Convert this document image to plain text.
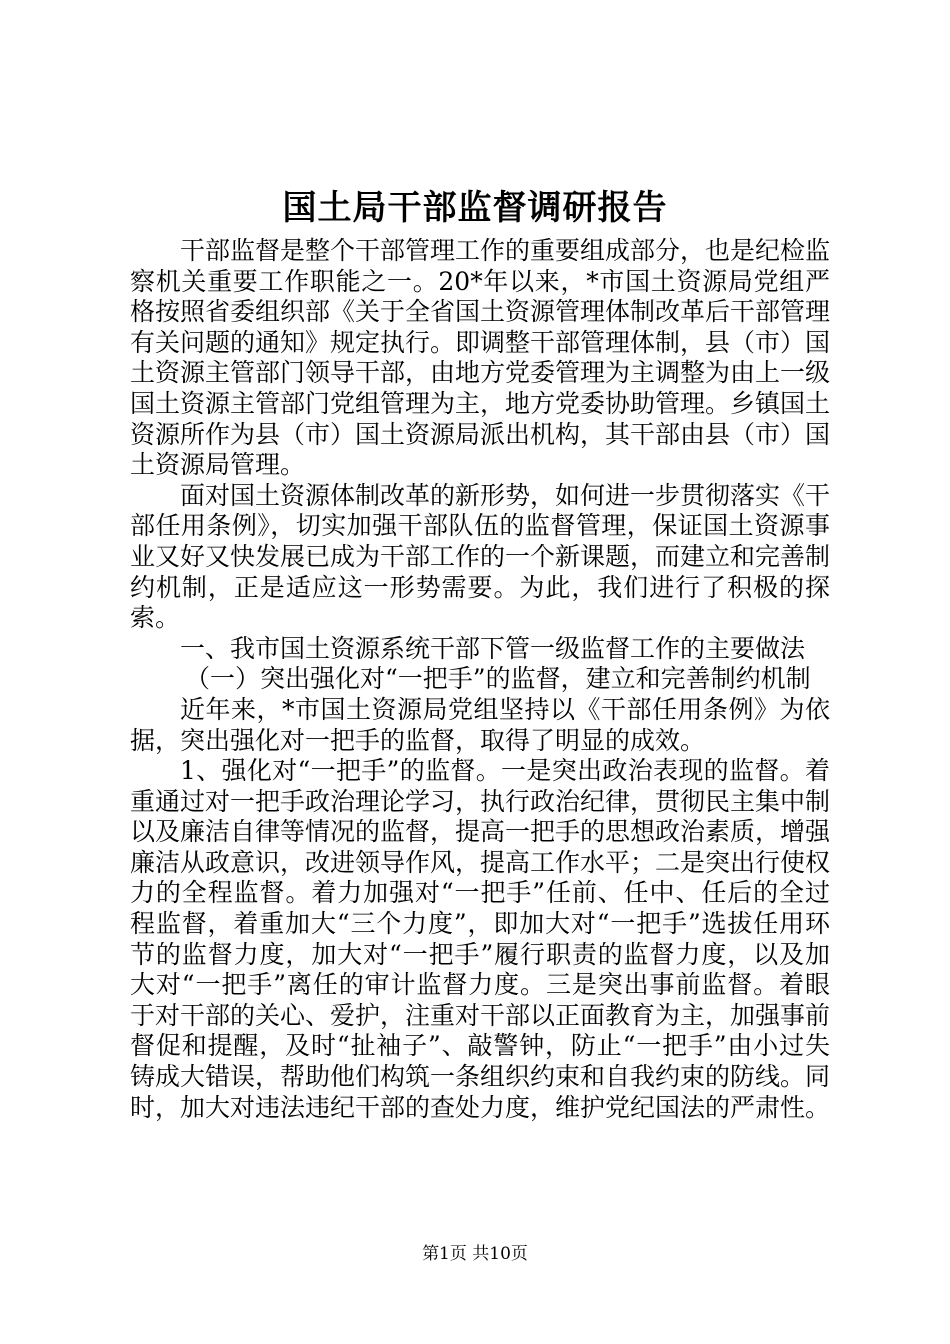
国土局干部监督调研报告

干部监督是整个干部管理工作的重要组成部分，也是纪检监察机关重要工作职能之一。20*年以来，*市国土资源局党组严格按照省委组织部《关于全省国土资源管理体制改革后干部管理有关问题的通知》规定执行。即调整干部管理体制，县（市）国土资源主管部门领导干部，由地方党委管理为主调整为由上一级国土资源主管部门党组管理为主，地方党委协助管理。乡镇国土资源所作为县（市）国土资源局派出机构，其干部由县（市）国土资源局管理。

面对国土资源体制改革的新形势，如何进一步贯彻落实《干部任用条例》，切实加强干部队伍的监督管理，保证国土资源事业又好又快发展已成为干部工作的一个新课题，而建立和完善制约机制，正是适应这一形势需要。为此，我们进行了积极的探索。

一、我市国土资源系统干部下管一级监督工作的主要做法

（一）突出强化对“一把手”的监督，建立和完善制约机制

近年来，*市国土资源局党组坚持以《干部任用条例》为依据，突出强化对一把手的监督，取得了明显的成效。

1、强化对“一把手”的监督。一是突出政治表现的监督。着重通过对一把手政治理论学习，执行政治纪律，贯彻民主集中制以及廉洁自律等情况的监督，提高一把手的思想政治素质，增强廉洁从政意识，改进领导作风，提高工作水平；二是突出行使权力的全程监督。着力加强对“一把手”任前、任中、任后的全过程监督，着重加大“三个力度”，即加大对“一把手”选拔任用环节的监督力度，加大对“一把手”履行职责的监督力度，以及加大对“一把手”离任的审计监督力度。三是突出事前监督。着眼于对干部的关心、爱护，注重对干部以正面教育为主，加强事前督促和提醒，及时“扯袖子”、敲警钟，防止“一把手”由小过失铸成大错误，帮助他们构筑一条组织约束和自我约束的防线。同时，加大对违法违纪干部的查处力度，维护党纪国法的严肃性。

第1页 共10页
